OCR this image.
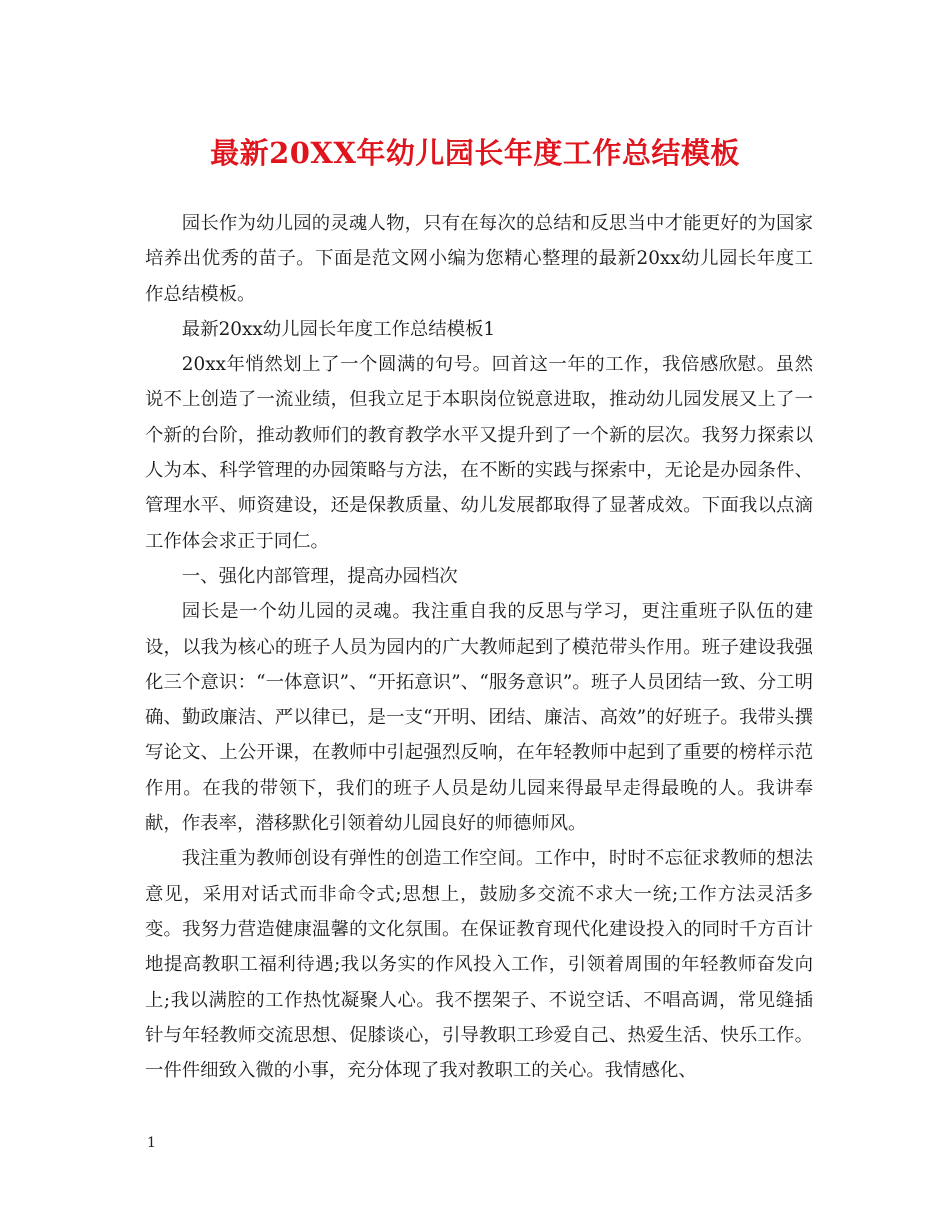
最新20XX年幼儿园长年度工作总结模板

园长作为幼儿园的灵魂人物，只有在每次的总结和反思当中才能更好的为国家培养出优秀的苗子。下面是范文网小编为您精心整理的最新20xx幼儿园长年度工作总结模板。

最新20xx幼儿园长年度工作总结模板1

20xx年悄然划上了一个圆满的句号。回首这一年的工作，我倍感欣慰。虽然说不上创造了一流业绩，但我立足于本职岗位锐意进取，推动幼儿园发展又上了一个新的台阶，推动教师们的教育教学水平又提升到了一个新的层次。我努力探索以人为本、科学管理的办园策略与方法，在不断的实践与探索中，无论是办园条件、管理水平、师资建设，还是保教质量、幼儿发展都取得了显著成效。下面我以点滴工作体会求正于同仁。

一、强化内部管理，提高办园档次

园长是一个幼儿园的灵魂。我注重自我的反思与学习，更注重班子队伍的建设，以我为核心的班子人员为园内的广大教师起到了模范带头作用。班子建设我强化三个意识：“一体意识”、“开拓意识”、“服务意识”。班子人员团结一致、分工明确、勤政廉洁、严以律已，是一支“开明、团结、廉洁、高效”的好班子。我带头撰写论文、上公开课，在教师中引起强烈反响，在年轻教师中起到了重要的榜样示范作用。在我的带领下，我们的班子人员是幼儿园来得最早走得最晚的人。我讲奉献，作表率，潜移默化引领着幼儿园良好的师德师风。

我注重为教师创设有弹性的创造工作空间。工作中，时时不忘征求教师的想法意见，采用对话式而非命令式;思想上，鼓励多交流不求大一统;工作方法灵活多变。我努力营造健康温馨的文化氛围。在保证教育现代化建设投入的同时千方百计地提高教职工福利待遇;我以务实的作风投入工作，引领着周围的年轻教师奋发向上;我以满腔的工作热忱凝聚人心。我不摆架子、不说空话、不唱高调，常见缝插针与年轻教师交流思想、促膝谈心，引导教职工珍爱自己、热爱生活、快乐工作。一件件细致入微的小事，充分体现了我对教职工的关心。我情感化、

1
